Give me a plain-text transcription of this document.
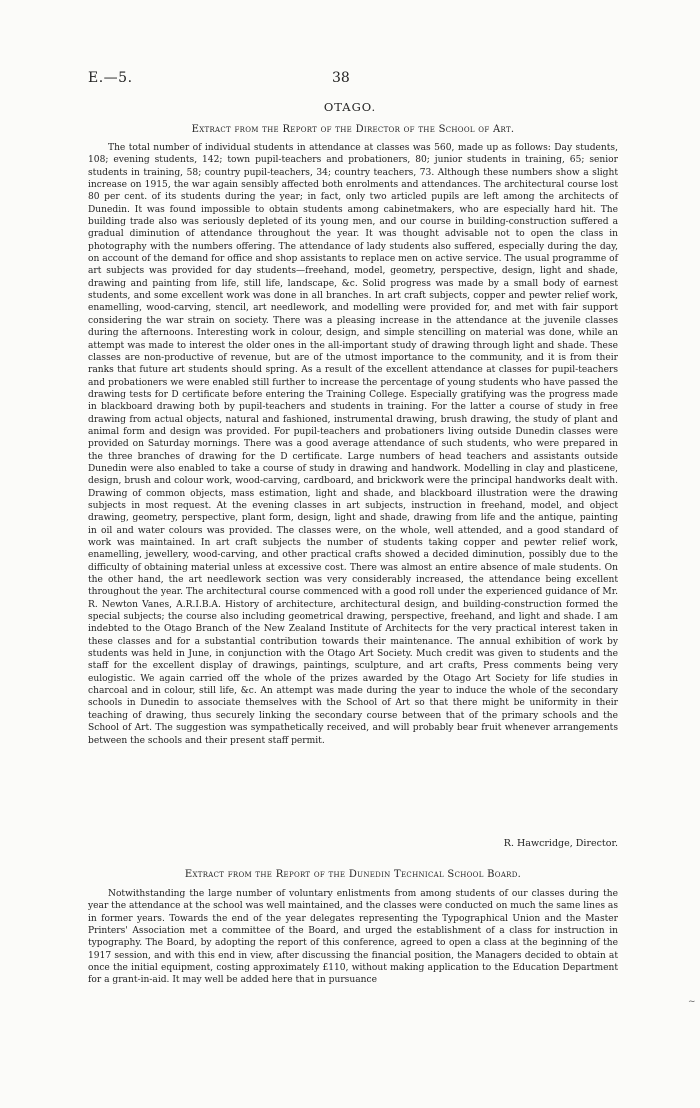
E.—5.	38
OTAGO.
Extract from the Report of the Director of the School of Art.

The total number of individual students in attendance at classes was 560, made up as follows: Day students, 108; evening students, 142; town pupil-teachers and probationers, 80; junior students in training, 65; senior students in training, 58; country pupil-teachers, 34; country teachers, 73. Although these numbers show a slight increase on 1915, the war again sensibly affected both enrolments and attendances. The architectural course lost 80 per cent. of its students during the year; in fact, only two articled pupils are left among the architects of Dunedin. It was found impossible to obtain students among cabinetmakers, who are especially hard hit. The building trade also was seriously depleted of its young men, and our course in building-construction suffered a gradual diminution of attendance throughout the year. It was thought advisable not to open the class in photography with the numbers offering. The attendance of lady students also suffered, especially during the day, on account of the demand for office and shop assistants to replace men on active service. The usual programme of art subjects was provided for day students—freehand, model, geometry, perspective, design, light and shade, drawing and painting from life, still life, landscape, &c. Solid progress was made by a small body of earnest students, and some excellent work was done in all branches. In art craft subjects, copper and pewter relief work, enamelling, wood-carving, stencil, art needlework, and modelling were provided for, and met with fair support considering the war strain on society. There was a pleasing increase in the attendance at the juvenile classes during the afternoons. Interesting work in colour, design, and simple stencilling on material was done, while an attempt was made to interest the older ones in the all-important study of drawing through light and shade. These classes are non-productive of revenue, but are of the utmost importance to the community, and it is from their ranks that future art students should spring. As a result of the excellent attendance at classes for pupil-teachers and probationers we were enabled still further to increase the percentage of young students who have passed the drawing tests for D certificate before entering the Training College. Especially gratifying was the progress made in blackboard drawing both by pupil-teachers and students in training. For the latter a course of study in free drawing from actual objects, natural and fashioned, instrumental drawing, brush drawing, the study of plant and animal form and design was provided. For pupil-teachers and probationers living outside Dunedin classes were provided on Saturday mornings. There was a good average attendance of such students, who were prepared in the three branches of drawing for the D certificate. Large numbers of head teachers and assistants outside Dunedin were also enabled to take a course of study in drawing and handwork. Modelling in clay and plasticene, design, brush and colour work, wood-carving, cardboard, and brickwork were the principal handworks dealt with. Drawing of common objects, mass estimation, light and shade, and blackboard illustration were the drawing subjects in most request. At the evening classes in art subjects, instruction in freehand, model, and object drawing, geometry, perspective, plant form, design, light and shade, drawing from life and the antique, painting in oil and water colours was provided. The classes were, on the whole, well attended, and a good standard of work was maintained. In art craft subjects the number of students taking copper and pewter relief work, enamelling, jewellery, wood-carving, and other practical crafts showed a decided diminution, possibly due to the difficulty of obtaining material unless at excessive cost. There was almost an entire absence of male students. On the other hand, the art needlework section was very considerably increased, the attendance being excellent throughout the year. The architectural course commenced with a good roll under the experienced guidance of Mr. R. Newton Vanes, A.R.I.B.A. History of architecture, architectural design, and building-construction formed the special subjects; the course also including geometrical drawing, perspective, freehand, and light and shade. I am indebted to the Otago Branch of the New Zealand Institute of Architects for the very practical interest taken in these classes and for a substantial contribution towards their maintenance. The annual exhibition of work by students was held in June, in conjunction with the Otago Art Society. Much credit was given to students and the staff for the excellent display of drawings, paintings, sculpture, and art crafts, Press comments being very eulogistic. We again carried off the whole of the prizes awarded by the Otago Art Society for life studies in charcoal and in colour, still life, &c. An attempt was made during the year to induce the whole of the secondary schools in Dunedin to associate themselves with the School of Art so that there might be uniformity in their teaching of drawing, thus securely linking the secondary course between that of the primary schools and the School of Art. The suggestion was sympathetically received, and will probably bear fruit whenever arrangements between the schools and their present staff permit.

R. Hawcridge, Director.
Extract from the Report of the Dunedin Technical School Board.

Notwithstanding the large number of voluntary enlistments from among students of our classes during the year the attendance at the school was well maintained, and the classes were conducted on much the same lines as in former years. Towards the end of the year delegates representing the Typographical Union and the Master Printers' Association met a committee of the Board, and urged the establishment of a class for instruction in typography. The Board, by adopting the report of this conference, agreed to open a class at the beginning of the 1917 session, and with this end in view, after discussing the financial position, the Managers decided to obtain at once the initial equipment, costing approximately £110, without making application to the Education Department for a grant-in-aid. It may well be added here that in pursuance

~
